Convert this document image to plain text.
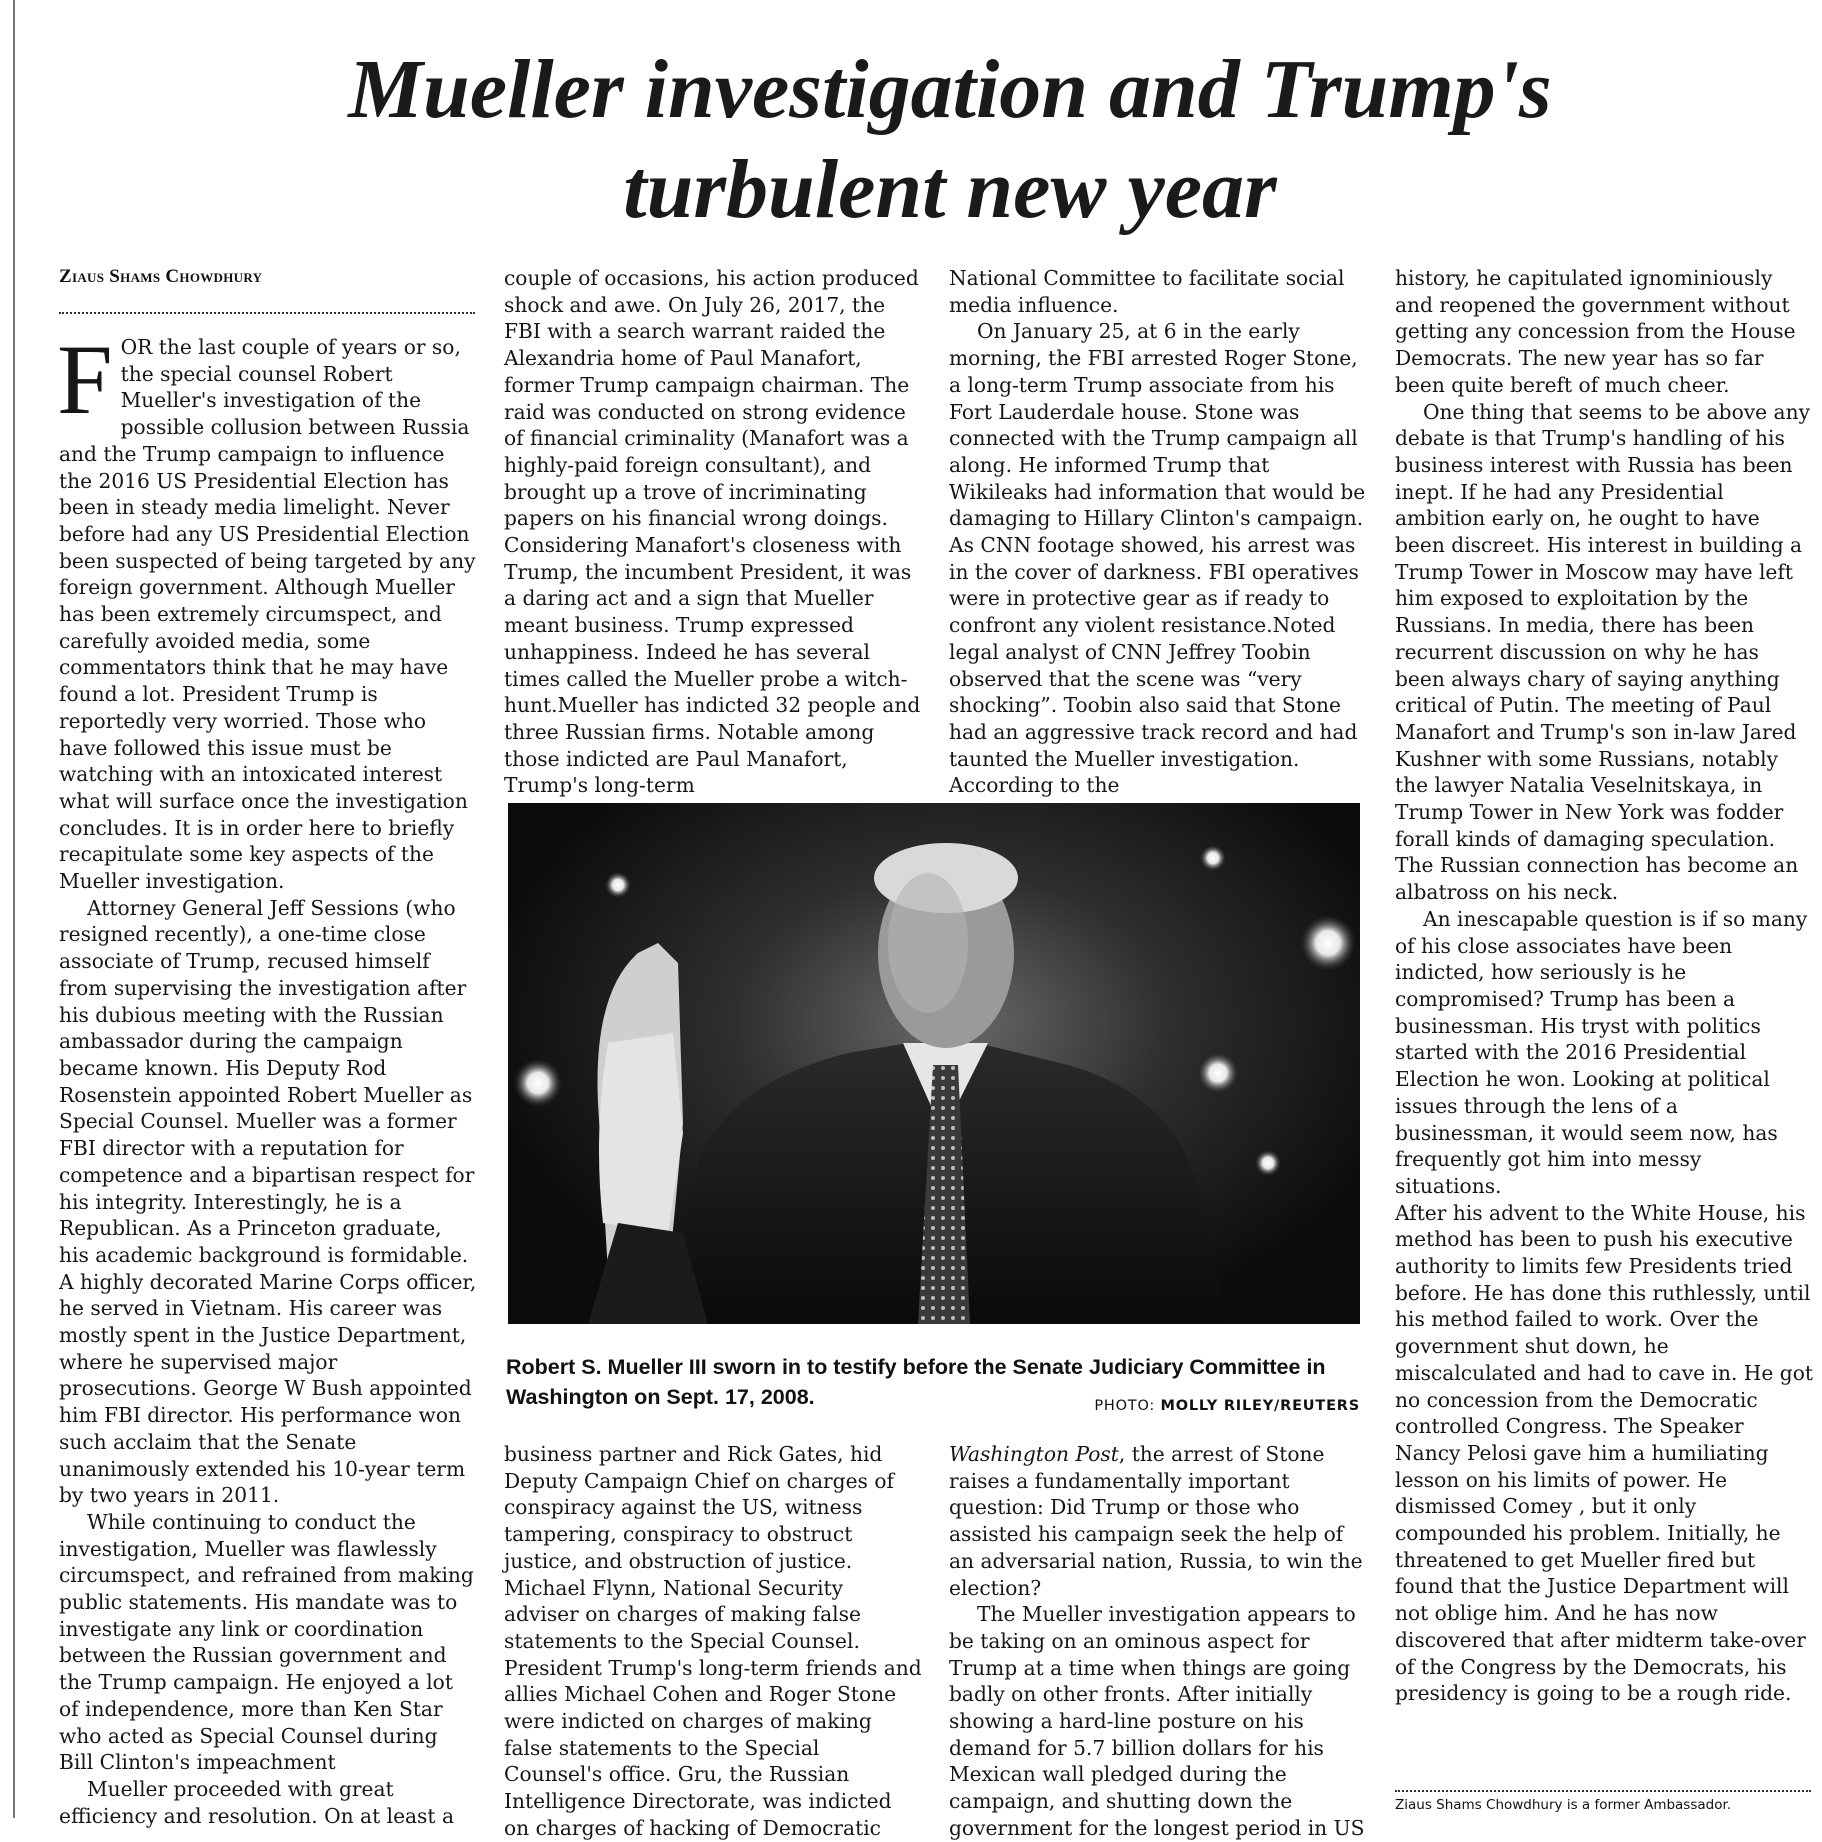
Mueller investigation and Trump's
turbulent new year
Ziaus Shams Chowdhury

FOR the last couple of years or so, the special counsel Robert Mueller's investigation of the possible collusion between Russia and the Trump campaign to influence the 2016 US Presidential Election has been in steady media limelight. Never before had any US Presidential Election been suspected of being targeted by any foreign government. Although Mueller has been extremely circumspect, and carefully avoided media, some commentators think that he may have found a lot. President Trump is reportedly very worried. Those who have followed this issue must be watching with an intoxicated interest what will surface once the investigation concludes. It is in order here to briefly recapitulate some key aspects of the Mueller investigation.

Attorney General Jeff Sessions (who resigned recently), a one-time close associate of Trump, recused himself from supervising the investigation after his dubious meeting with the Russian ambassador during the campaign became known. His Deputy Rod Rosenstein appointed Robert Mueller as Special Counsel. Mueller was a former FBI director with a reputation for competence and a bipartisan respect for his integrity. Interestingly, he is a Republican. As a Princeton graduate, his academic background is formidable. A highly decorated Marine Corps officer, he served in Vietnam. His career was mostly spent in the Justice Department, where he supervised major prosecutions. George W Bush appointed him FBI director. His performance won such acclaim that the Senate unanimously extended his 10-year term by two years in 2011.

While continuing to conduct the investigation, Mueller was flawlessly circumspect, and refrained from making public statements. His mandate was to investigate any link or coordination between the Russian government and the Trump campaign. He enjoyed a lot of independence, more than Ken Star who acted as Special Counsel during Bill Clinton's impeachment

Mueller proceeded with great efficiency and resolution. On at least a

couple of occasions, his action produced shock and awe. On July 26, 2017, the FBI with a search warrant raided the Alexandria home of Paul Manafort, former Trump campaign chairman. The raid was conducted on strong evidence of financial criminality (Manafort was a highly-paid foreign consultant), and brought up a trove of incriminating papers on his financial wrong doings. Considering Manafort's closeness with Trump, the incumbent President, it was a daring act and a sign that Mueller meant business. Trump expressed unhappiness. Indeed he has several times called the Mueller probe a witch-hunt.Mueller has indicted 32 people and three Russian firms. Notable among those indicted are Paul Manafort, Trump's long-term

National Committee to facilitate social media influence.

On January 25, at 6 in the early morning, the FBI arrested Roger Stone, a long-term Trump associate from his Fort Lauderdale house. Stone was connected with the Trump campaign all along. He informed Trump that Wikileaks had information that would be damaging to Hillary Clinton's campaign. As CNN footage showed, his arrest was in the cover of darkness. FBI operatives were in protective gear as if ready to confront any violent resistance.Noted legal analyst of CNN Jeffrey Toobin observed that the scene was “very shocking”. Toobin also said that Stone had an aggressive track record and had taunted the Mueller investigation. According to the

Robert S. Mueller III sworn in to testify before the Senate Judiciary Committee in Washington on Sept. 17, 2008.	PHOTO: MOLLY RILEY/REUTERS

business partner and Rick Gates, hid Deputy Campaign Chief on charges of conspiracy against the US, witness tampering, conspiracy to obstruct justice, and obstruction of justice. Michael Flynn, National Security adviser on charges of making false statements to the Special Counsel. President Trump's long-term friends and allies Michael Cohen and Roger Stone were indicted on charges of making false statements to the Special Counsel's office. Gru, the Russian Intelligence Directorate, was indicted on charges of hacking of Democratic

Washington Post, the arrest of Stone raises a fundamentally important question: Did Trump or those who assisted his campaign seek the help of an adversarial nation, Russia, to win the election?

The Mueller investigation appears to be taking on an ominous aspect for Trump at a time when things are going badly on other fronts. After initially showing a hard-line posture on his demand for 5.7 billion dollars for his Mexican wall pledged during the campaign, and shutting down the government for the longest period in US

history, he capitulated ignominiously and reopened the government without getting any concession from the House Democrats. The new year has so far been quite bereft of much cheer.

One thing that seems to be above any debate is that Trump's handling of his business interest with Russia has been inept. If he had any Presidential ambition early on, he ought to have been discreet. His interest in building a Trump Tower in Moscow may have left him exposed to exploitation by the Russians. In media, there has been recurrent discussion on why he has been always chary of saying anything critical of Putin. The meeting of Paul Manafort and Trump's son in-law Jared Kushner with some Russians, notably the lawyer Natalia Veselnitskaya, in Trump Tower in New York was fodder forall kinds of damaging speculation. The Russian connection has become an albatross on his neck.

An inescapable question is if so many of his close associates have been indicted, how seriously is he compromised? Trump has been a businessman. His tryst with politics started with the 2016 Presidential Election he won. Looking at political issues through the lens of a businessman, it would seem now, has frequently got him into messy situations.

After his advent to the White House, his method has been to push his executive authority to limits few Presidents tried before. He has done this ruthlessly, until his method failed to work. Over the government shut down, he miscalculated and had to cave in. He got no concession from the Democratic controlled Congress. The Speaker Nancy Pelosi gave him a humiliating lesson on his limits of power. He dismissed Comey , but it only compounded his problem. Initially, he threatened to get Mueller fired but found that the Justice Department will not oblige him. And he has now discovered that after midterm take-over of the Congress by the Democrats, his presidency is going to be a rough ride.

Ziaus Shams Chowdhury is a former Ambassador.
